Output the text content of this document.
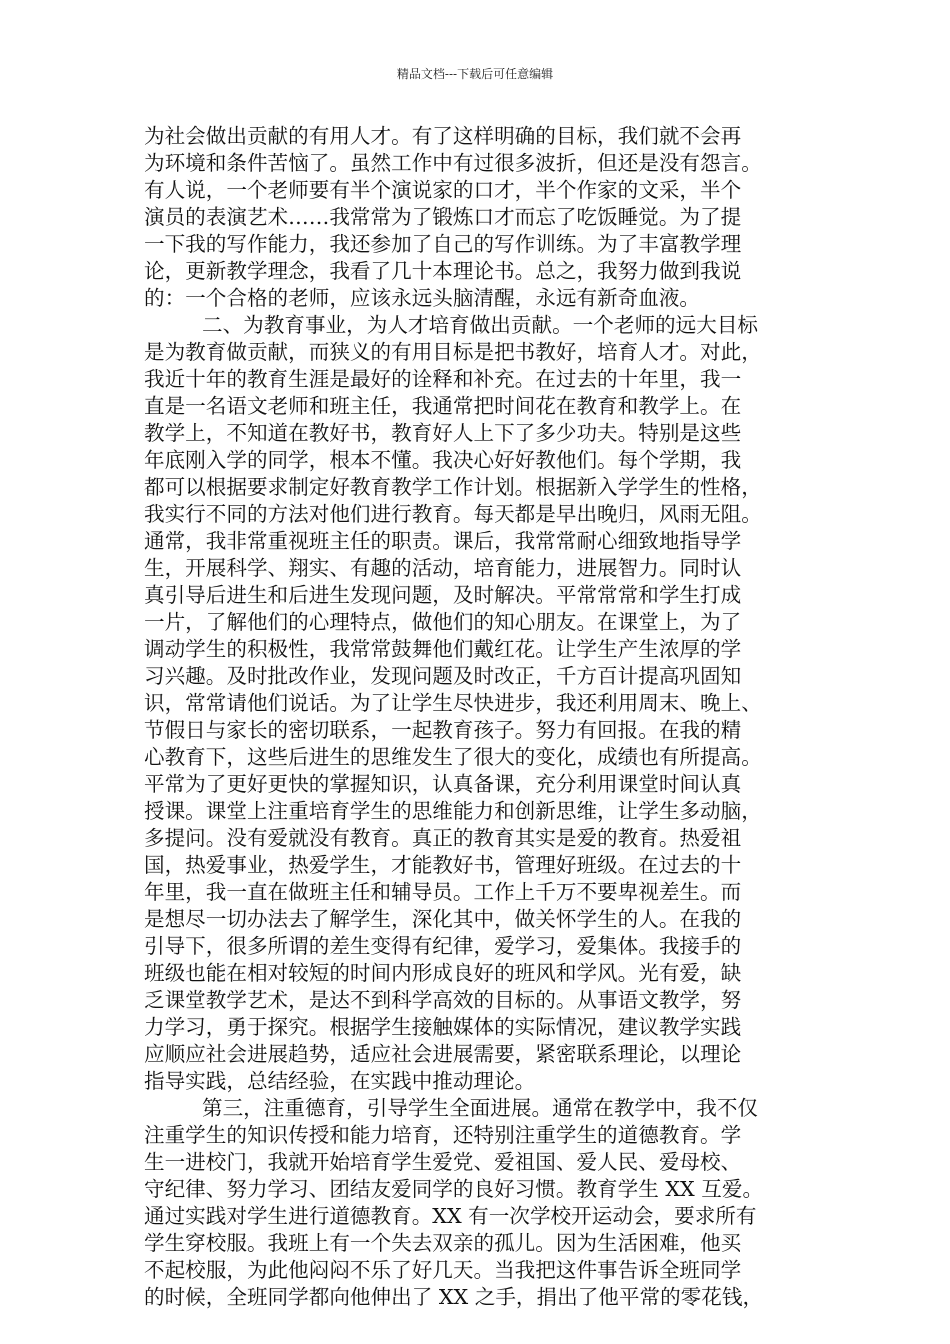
精品文档---下载后可任意编辑
为社会做出贡献的有用人才。有了这样明确的目标，我们就不会再
为环境和条件苦恼了。虽然工作中有过很多波折，但还是没有怨言。
有人说，一个老师要有半个演说家的口才，半个作家的文采，半个
演员的表演艺术……我常常为了锻炼口才而忘了吃饭睡觉。为了提
一下我的写作能力，我还参加了自己的写作训练。为了丰富教学理
论，更新教学理念，我看了几十本理论书。总之，我努力做到我说
的：一个合格的老师，应该永远头脑清醒，永远有新奇血液。
二、为教育事业，为人才培育做出贡献。一个老师的远大目标
是为教育做贡献，而狭义的有用目标是把书教好，培育人才。对此，
我近十年的教育生涯是最好的诠释和补充。在过去的十年里，我一
直是一名语文老师和班主任，我通常把时间花在教育和教学上。在
教学上，不知道在教好书，教育好人上下了多少功夫。特别是这些
年底刚入学的同学，根本不懂。我决心好好教他们。每个学期，我
都可以根据要求制定好教育教学工作计划。根据新入学学生的性格，
我实行不同的方法对他们进行教育。每天都是早出晚归，风雨无阻。
通常，我非常重视班主任的职责。课后，我常常耐心细致地指导学
生，开展科学、翔实、有趣的活动，培育能力，进展智力。同时认
真引导后进生和后进生发现问题，及时解决。平常常常和学生打成
一片，了解他们的心理特点，做他们的知心朋友。在课堂上，为了
调动学生的积极性，我常常鼓舞他们戴红花。让学生产生浓厚的学
习兴趣。及时批改作业，发现问题及时改正，千方百计提高巩固知
识，常常请他们说话。为了让学生尽快进步，我还利用周末、晚上、
节假日与家长的密切联系，一起教育孩子。努力有回报。在我的精
心教育下，这些后进生的思维发生了很大的变化，成绩也有所提高。
平常为了更好更快的掌握知识，认真备课，充分利用课堂时间认真
授课。课堂上注重培育学生的思维能力和创新思维，让学生多动脑，
多提问。没有爱就没有教育。真正的教育其实是爱的教育。热爱祖
国，热爱事业，热爱学生，才能教好书，管理好班级。在过去的十
年里，我一直在做班主任和辅导员。工作上千万不要卑视差生。而
是想尽一切办法去了解学生，深化其中，做关怀学生的人。在我的
引导下，很多所谓的差生变得有纪律，爱学习，爱集体。我接手的
班级也能在相对较短的时间内形成良好的班风和学风。光有爱，缺
乏课堂教学艺术，是达不到科学高效的目标的。从事语文教学，努
力学习，勇于探究。根据学生接触媒体的实际情况，建议教学实践
应顺应社会进展趋势，适应社会进展需要，紧密联系理论，以理论
指导实践，总结经验，在实践中推动理论。
第三，注重德育，引导学生全面进展。通常在教学中，我不仅
注重学生的知识传授和能力培育，还特别注重学生的道德教育。学
生一进校门，我就开始培育学生爱党、爱祖国、爱人民、爱母校、
守纪律、努力学习、团结友爱同学的良好习惯。教育学生 XX 互爱。
通过实践对学生进行道德教育。XX 有一次学校开运动会，要求所有
学生穿校服。我班上有一个失去双亲的孤儿。因为生活困难，他买
不起校服，为此他闷闷不乐了好几天。当我把这件事告诉全班同学
的时候，全班同学都向他伸出了 XX 之手，捐出了他平常的零花钱，
